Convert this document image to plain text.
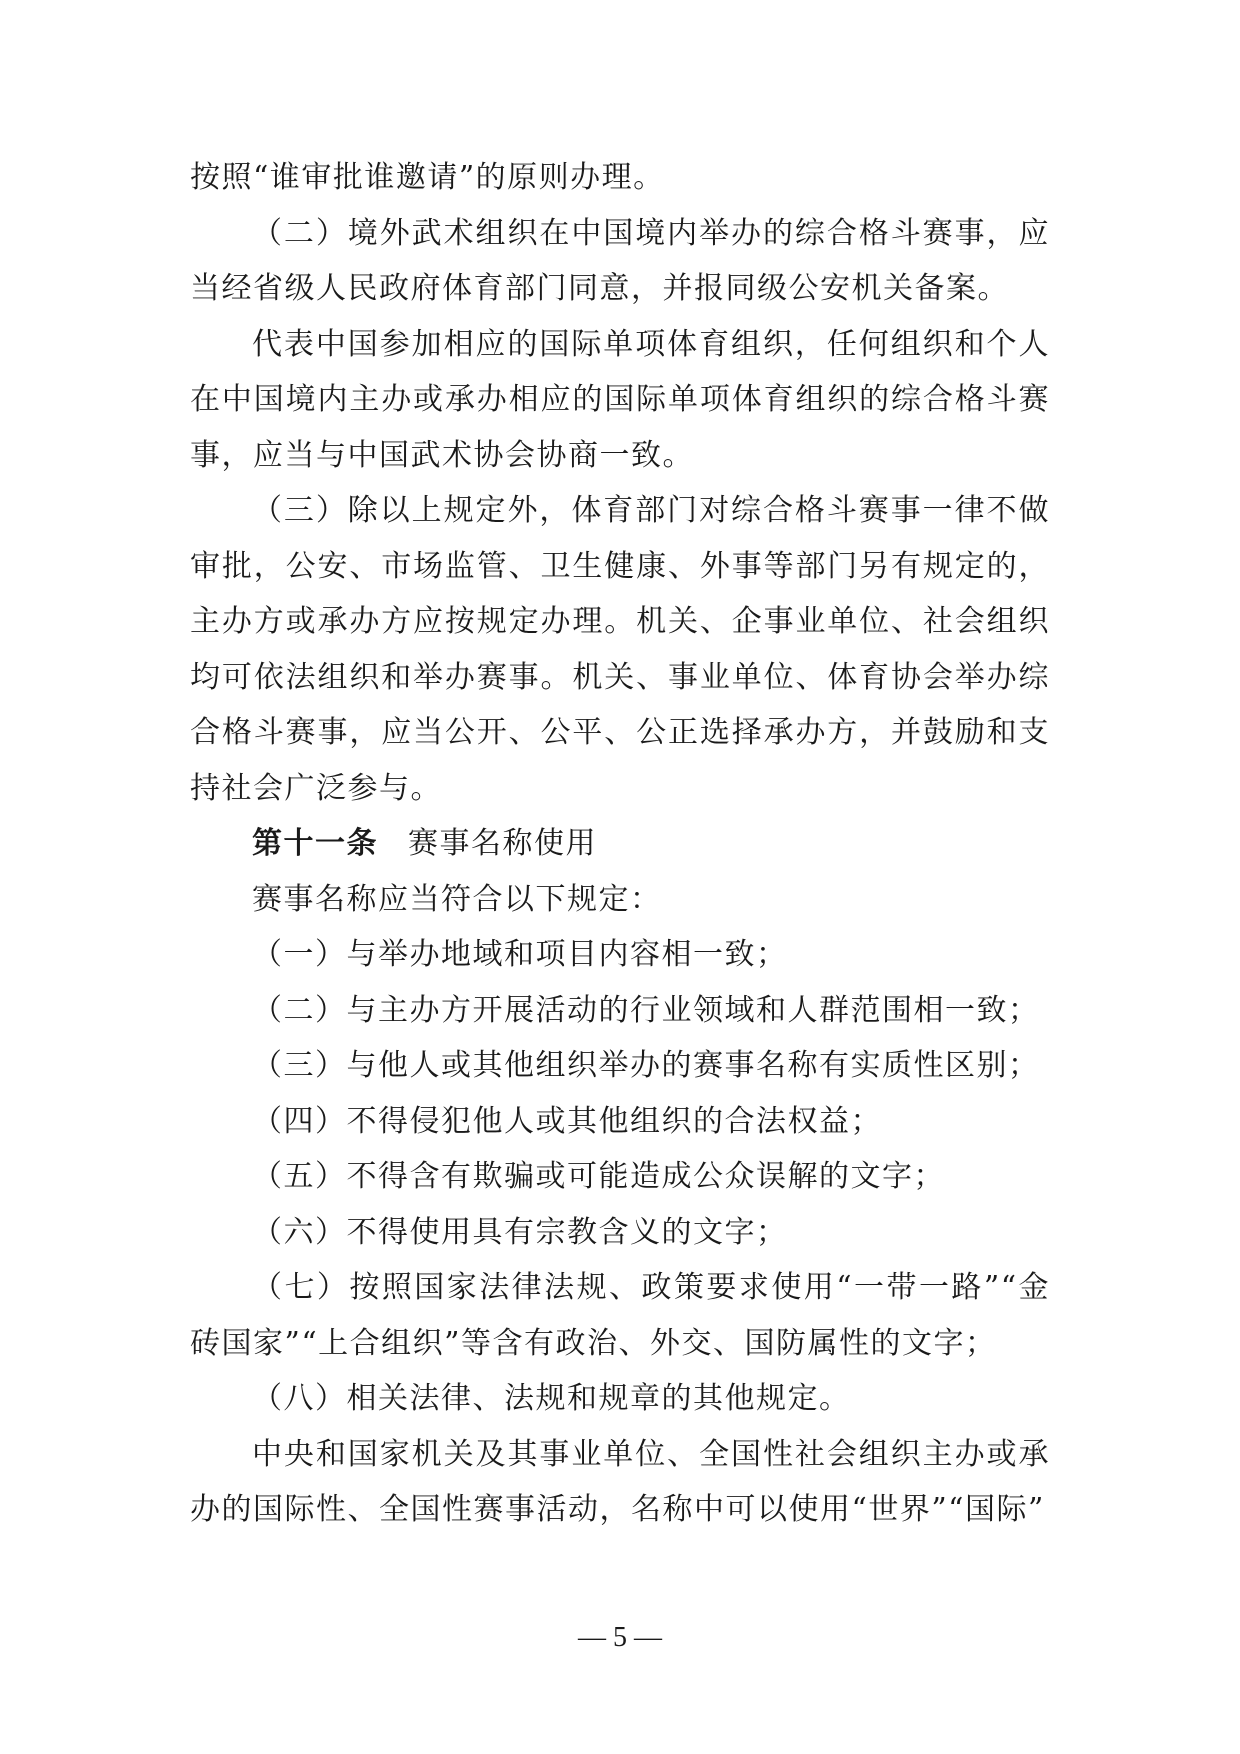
按照“谁审批谁邀请”的原则办理。

（二）境外武术组织在中国境内举办的综合格斗赛事，应当经省级人民政府体育部门同意，并报同级公安机关备案。

代表中国参加相应的国际单项体育组织，任何组织和个人在中国境内主办或承办相应的国际单项体育组织的综合格斗赛事，应当与中国武术协会协商一致。

（三）除以上规定外，体育部门对综合格斗赛事一律不做审批，公安、市场监管、卫生健康、外事等部门另有规定的，主办方或承办方应按规定办理。机关、企事业单位、社会组织均可依法组织和举办赛事。机关、事业单位、体育协会举办综合格斗赛事，应当公开、公平、公正选择承办方，并鼓励和支持社会广泛参与。

第十一条 赛事名称使用

赛事名称应当符合以下规定：

（一）与举办地域和项目内容相一致；

（二）与主办方开展活动的行业领域和人群范围相一致；

（三）与他人或其他组织举办的赛事名称有实质性区别；

（四）不得侵犯他人或其他组织的合法权益；

（五）不得含有欺骗或可能造成公众误解的文字；

（六）不得使用具有宗教含义的文字；

（七）按照国家法律法规、政策要求使用“一带一路”“金砖国家”“上合组织”等含有政治、外交、国防属性的文字；

（八）相关法律、法规和规章的其他规定。

中央和国家机关及其事业单位、全国性社会组织主办或承办的国际性、全国性赛事活动，名称中可以使用“世界”“国际”

— 5 —
